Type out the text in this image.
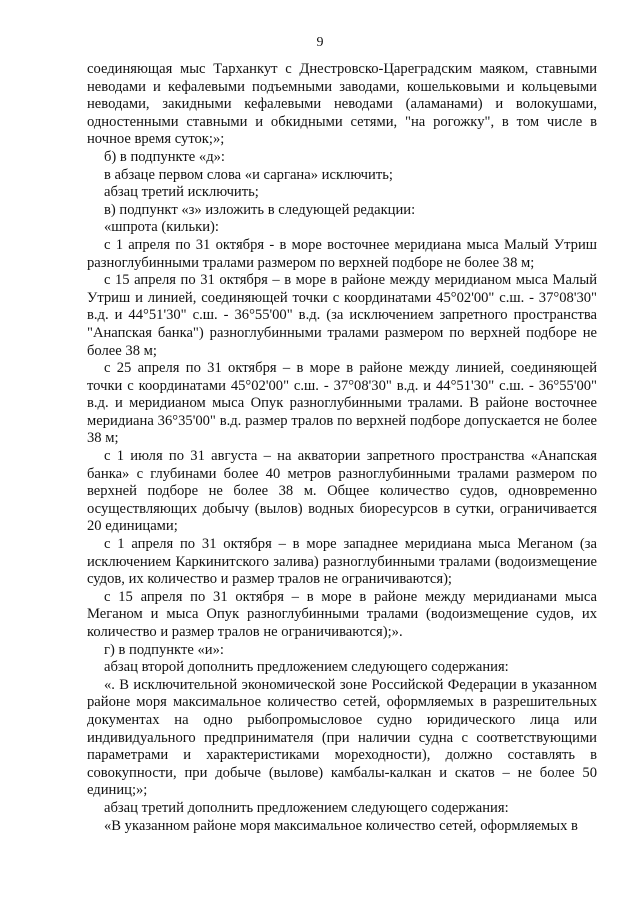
9

соединяющая мыс Тарханкут с Днестровско-Цареградским маяком, ставными неводами и кефалевыми подъемными заводами, кошельковыми и кольцевыми неводами, закидными кефалевыми неводами (аламанами) и волокушами, одностенными ставными и обкидными сетями, "на рогожку", в том числе в ночное время суток;»;

б) в подпункте «д»:

в абзаце первом слова «и саргана» исключить;

абзац третий исключить;

в) подпункт «з» изложить в следующей редакции:

«шпрота (кильки):

с 1 апреля по 31 октября - в море восточнее меридиана мыса Малый Утриш разноглубинными тралами размером по верхней подборе не более 38 м;

с 15 апреля по 31 октября – в море в районе между меридианом мыса Малый Утриш и линией, соединяющей точки с координатами 45°02'00" с.ш. - 37°08'30" в.д. и 44°51'30" с.ш. - 36°55'00" в.д. (за исключением запретного пространства "Анапская банка") разноглубинными тралами размером по верхней подборе не более 38 м;

с 25 апреля по 31 октября – в море в районе между линией, соединяющей точки с координатами 45°02'00" с.ш. - 37°08'30" в.д. и 44°51'30" с.ш. - 36°55'00" в.д. и меридианом мыса Опук разноглубинными тралами. В районе восточнее меридиана 36°35'00" в.д. размер тралов по верхней подборе допускается не более 38 м;

с 1 июля по 31 августа – на акватории запретного пространства «Анапская банка» с глубинами более 40 метров разноглубинными тралами размером по верхней подборе не более 38 м. Общее количество судов, одновременно осуществляющих добычу (вылов) водных биоресурсов в сутки, ограничивается 20 единицами;

с 1 апреля по 31 октября – в море западнее меридиана мыса Меганом (за исключением Каркинитского залива) разноглубинными тралами (водоизмещение судов, их количество и размер тралов не ограничиваются);

с 15 апреля по 31 октября – в море в районе между меридианами мыса Меганом и мыса Опук разноглубинными тралами (водоизмещение судов, их количество и размер тралов не ограничиваются);».

г) в подпункте «и»:

абзац второй дополнить предложением следующего содержания:

«. В исключительной экономической зоне Российской Федерации в указанном районе моря максимальное количество сетей, оформляемых в разрешительных документах на одно рыбопромысловое судно юридического лица или индивидуального предпринимателя (при наличии судна с соответствующими параметрами и характеристиками мореходности), должно составлять в совокупности, при добыче (вылове) камбалы-калкан и скатов – не более 50 единиц;»;

абзац третий дополнить предложением следующего содержания:

«В указанном районе моря максимальное количество сетей, оформляемых в
